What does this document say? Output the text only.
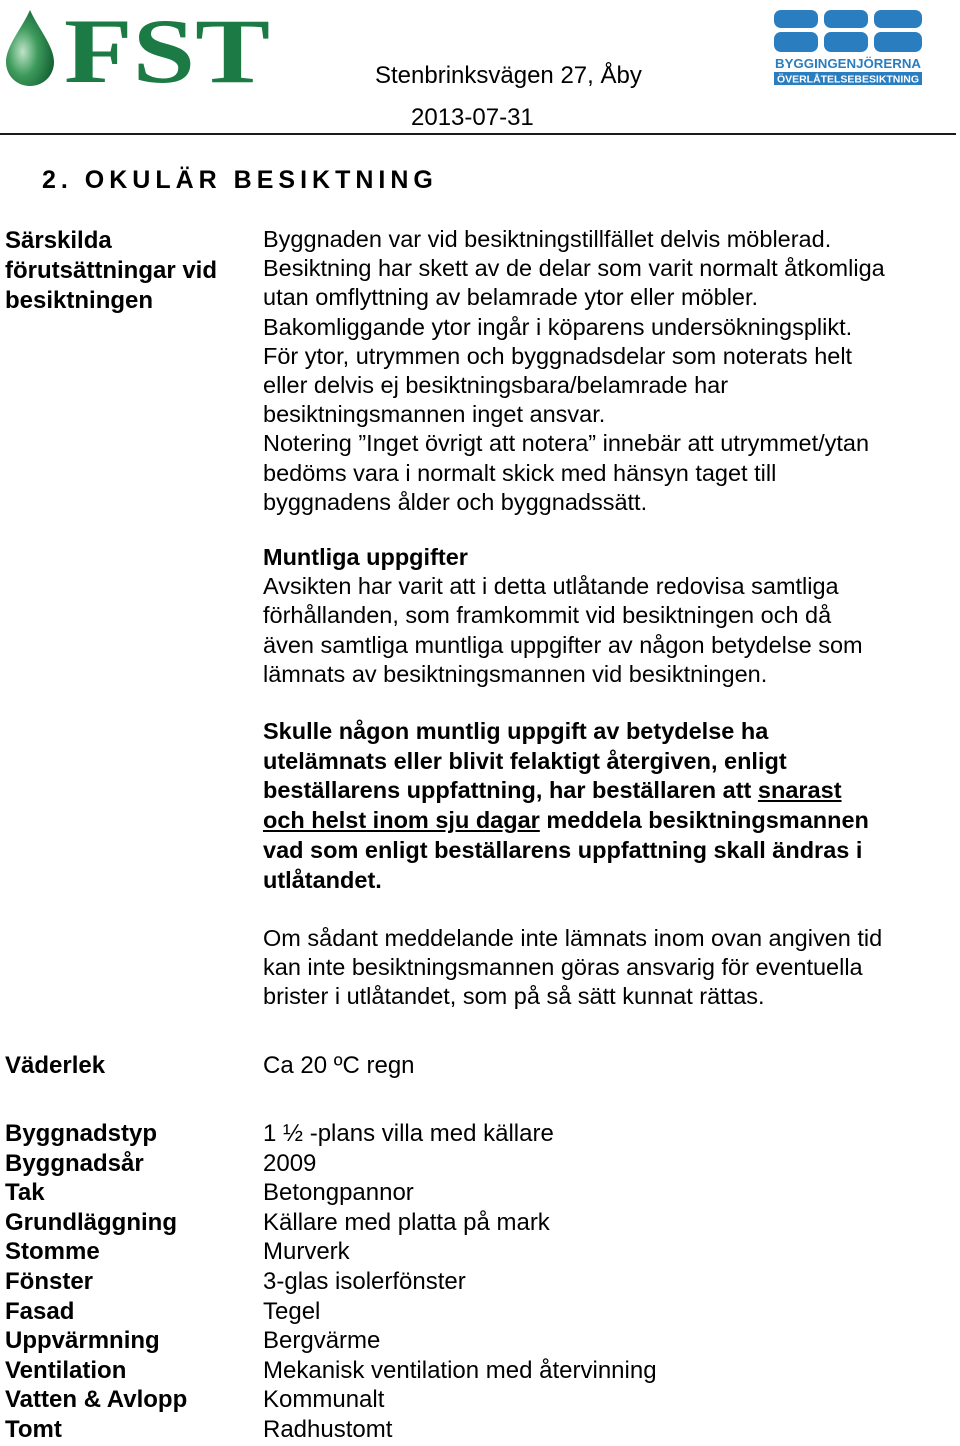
FST	BYGGINGENJÖRERNA
ÖVERLÅTELSEBESIKTNING
Stenbrinksvägen 27, Åby
2013-07-31
2. OKULÄR BESIKTNING
Särskilda
förutsättningar vid
besiktningen

Byggnaden var vid besiktningstillfället delvis möblerad.

Besiktning har skett av de delar som varit normalt åtkomliga

utan omflyttning av belamrade ytor eller möbler.

Bakomliggande ytor ingår i köparens undersökningsplikt.

För ytor, utrymmen och byggnadsdelar som noterats helt

eller delvis ej besiktningsbara/belamrade har

besiktningsmannen inget ansvar.

Notering ”Inget övrigt att notera” innebär att utrymmet/ytan

bedöms vara i normalt skick med hänsyn taget till

byggnadens ålder och byggnadssätt.

Muntliga uppgifter

Avsikten har varit att i detta utlåtande redovisa samtliga

förhållanden, som framkommit vid besiktningen och då

även samtliga muntliga uppgifter av någon betydelse som

lämnats av besiktningsmannen vid besiktningen.

Skulle någon muntlig uppgift av betydelse ha

utelämnats eller blivit felaktigt återgiven, enligt

beställarens uppfattning, har beställaren att snarast

och helst inom sju dagar meddela besiktningsmannen

vad som enligt beställarens uppfattning skall ändras i

utlåtandet.

Om sådant meddelande inte lämnats inom ovan angiven tid

kan inte besiktningsmannen göras ansvarig för eventuella

brister i utlåtandet, som på så sätt kunnat rättas.

Väderlek	Ca 20 ºC regn
Byggnadstyp	1 ½ -plans villa med källare
Byggnadsår	2009
Tak	Betongpannor
Grundläggning	Källare med platta på mark
Stomme	Murverk
Fönster	3-glas isolerfönster
Fasad	Tegel
Uppvärmning	Bergvärme
Ventilation	Mekanisk ventilation med återvinning
Vatten & Avlopp	Kommunalt
Tomt	Radhustomt
